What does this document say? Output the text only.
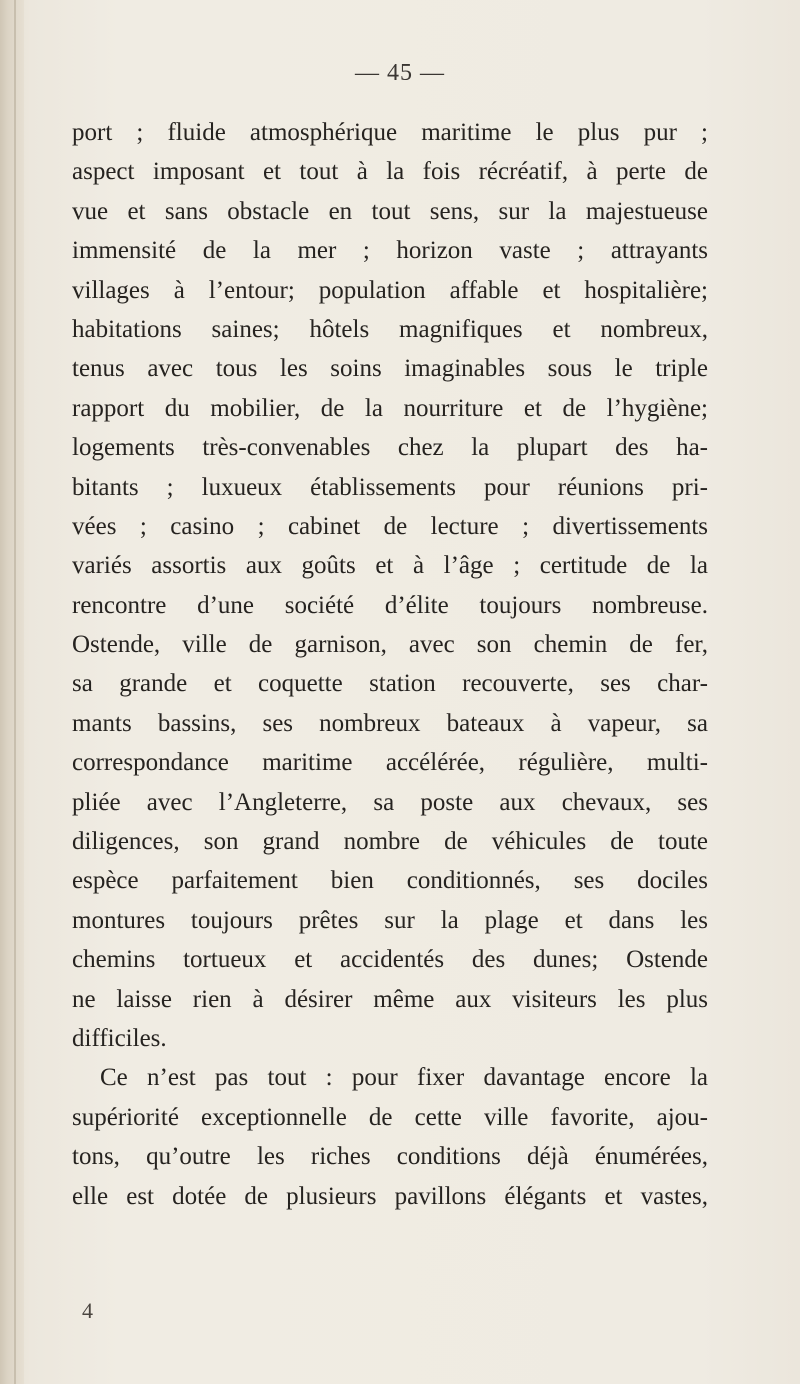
— 45 —
port ; fluide atmosphérique maritime le plus pur ;
aspect imposant et tout à la fois récréatif, à perte de
vue et sans obstacle en tout sens, sur la majestueuse
immensité de la mer ; horizon vaste ; attrayants
villages à l’entour; population affable et hospitalière;
habitations saines; hôtels magnifiques et nombreux,
tenus avec tous les soins imaginables sous le triple
rapport du mobilier, de la nourriture et de l’hygiène;
logements très-convenables chez la plupart des ha-
bitants ; luxueux établissements pour réunions pri-
vées ; casino ; cabinet de lecture ; divertissements
variés assortis aux goûts et à l’âge ; certitude de la
rencontre d’une société d’élite toujours nombreuse.
Ostende, ville de garnison, avec son chemin de fer,
sa grande et coquette station recouverte, ses char-
mants bassins, ses nombreux bateaux à vapeur, sa
correspondance maritime accélérée, régulière, multi-
pliée avec l’Angleterre, sa poste aux chevaux, ses
diligences, son grand nombre de véhicules de toute
espèce parfaitement bien conditionnés, ses dociles
montures toujours prêtes sur la plage et dans les
chemins tortueux et accidentés des dunes; Ostende
ne laisse rien à désirer même aux visiteurs les plus
difficiles.
Ce n’est pas tout : pour fixer davantage encore la
supériorité exceptionnelle de cette ville favorite, ajou-
tons, qu’outre les riches conditions déjà énumérées,
elle est dotée de plusieurs pavillons élégants et vastes,
4
